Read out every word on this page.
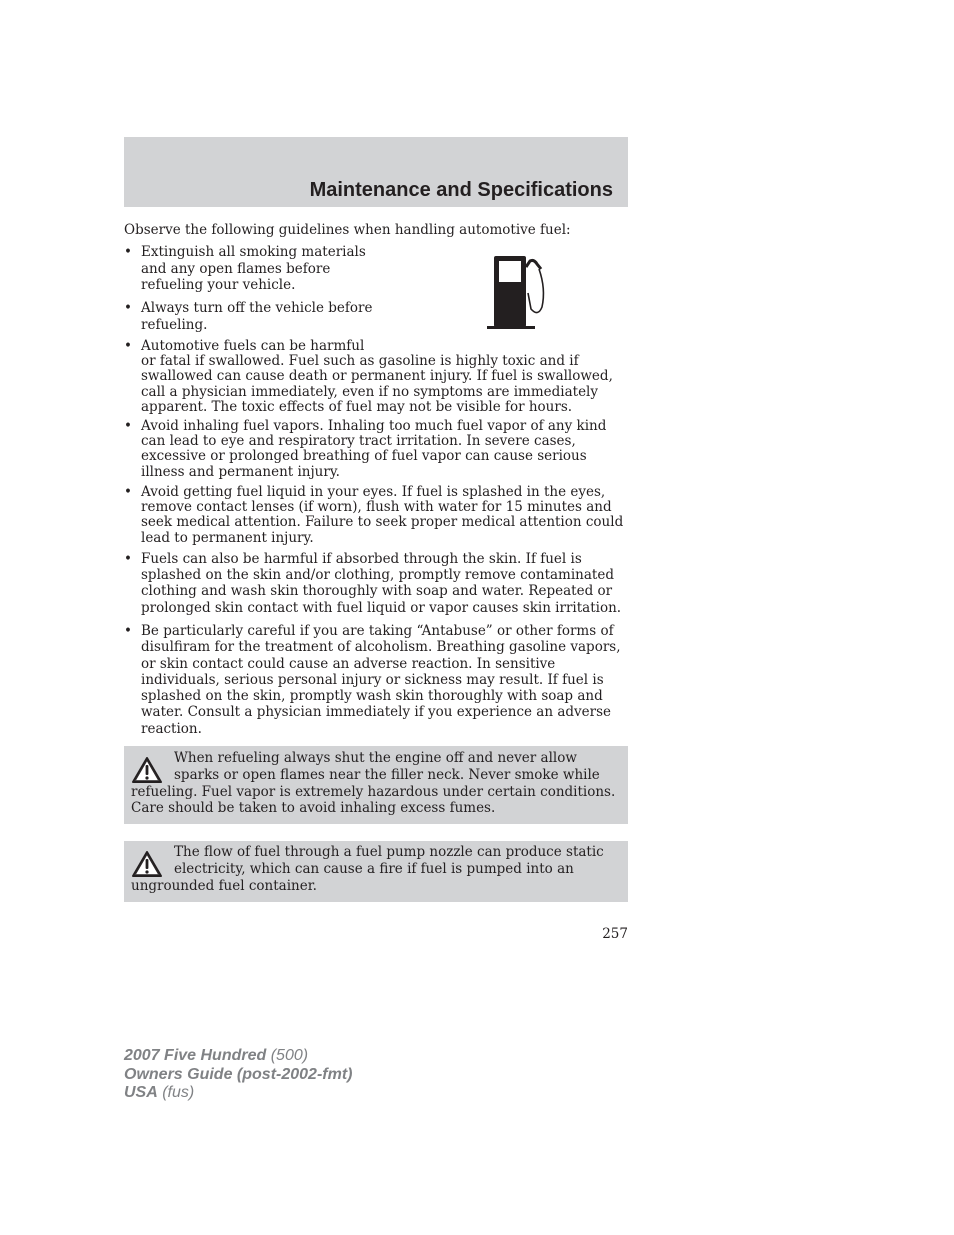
Maintenance and Specifications
Observe the following guidelines when handling automotive fuel:
• Extinguish all smoking materials
and any open flames before
refueling your vehicle.
• Always turn off the vehicle before
refueling.
• Automotive fuels can be harmful
or fatal if swallowed. Fuel such as gasoline is highly toxic and if
swallowed can cause death or permanent injury. If fuel is swallowed,
call a physician immediately, even if no symptoms are immediately
apparent. The toxic effects of fuel may not be visible for hours.
• Avoid inhaling fuel vapors. Inhaling too much fuel vapor of any kind
can lead to eye and respiratory tract irritation. In severe cases,
excessive or prolonged breathing of fuel vapor can cause serious
illness and permanent injury.
• Avoid getting fuel liquid in your eyes. If fuel is splashed in the eyes,
remove contact lenses (if worn), flush with water for 15 minutes and
seek medical attention. Failure to seek proper medical attention could
lead to permanent injury.
• Fuels can also be harmful if absorbed through the skin. If fuel is
splashed on the skin and/or clothing, promptly remove contaminated
clothing and wash skin thoroughly with soap and water. Repeated or
prolonged skin contact with fuel liquid or vapor causes skin irritation.
• Be particularly careful if you are taking “Antabuse” or other forms of
disulfiram for the treatment of alcoholism. Breathing gasoline vapors,
or skin contact could cause an adverse reaction. In sensitive
individuals, serious personal injury or sickness may result. If fuel is
splashed on the skin, promptly wash skin thoroughly with soap and
water. Consult a physician immediately if you experience an adverse
reaction.
When refueling always shut the engine off and never allow
sparks or open flames near the filler neck. Never smoke while
refueling. Fuel vapor is extremely hazardous under certain conditions.
Care should be taken to avoid inhaling excess fumes.
The flow of fuel through a fuel pump nozzle can produce static
electricity, which can cause a fire if fuel is pumped into an
ungrounded fuel container.
257
2007 Five Hundred (500)
Owners Guide (post-2002-fmt)
USA (fus)
